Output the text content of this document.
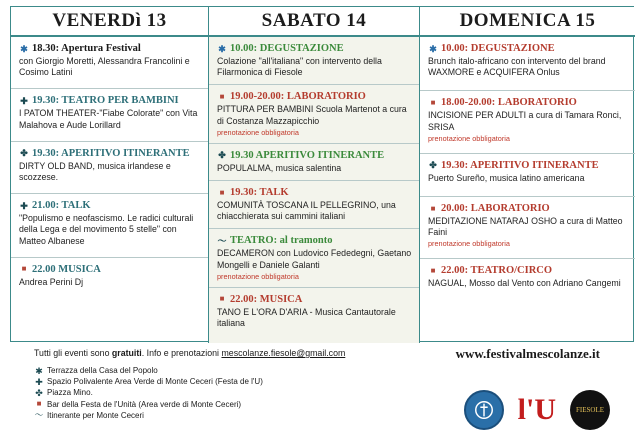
VENERDì 13	SABATO 14	DOMENICA 15
✱ 18.30: Apertura Festival
con Giorgio Moretti, Alessandra Francolini e Cosimo Latini
✚ 19.30: TEATRO PER BAMBINI
I PATOM THEATER-"Fiabe Colorate" con Vita Malahova e Aude Lorillard
✤ 19.30: APERITIVO ITINERANTE
DIRTY OLD BAND, musica irlandese e scozzese.
✚ 21.00: TALK
"Populismo e neofascismo. Le radici culturali della Lega e del movimento 5 stelle" con Matteo Albanese
■ 22.00 MUSICA
Andrea Perini Dj
✱ 10.00: DEGUSTAZIONE
Colazione "all'italiana" con intervento della Filarmonica di Fiesole
■ 19.00-20.00: LABORATORIO
PITTURA PER BAMBINI Scuola Martenot a cura di Costanza Mazzapicchio
prenotazione obbligatoria
✤ 19.30 APERITIVO ITINERANTE
POPULALMA, musica salentina
■ 19.30: TALK
COMUNITÀ TOSCANA IL PELLEGRINO, una chiacchierata sui cammini italiani
〜 TEATRO: al tramonto
DECAMERON con Ludovico Fededegni, Gaetano Mongelli e Daniele Galanti
prenotazione obbligatoria
■ 22.00: MUSICA
TANO E L'ORA D'ARIA - Musica Cantautorale italiana
✱ 10.00: DEGUSTAZIONE
Brunch italo-africano con intervento del brand WAXMORE e ACQUIFERA Onlus
■ 18.00-20.00: LABORATORIO
INCISIONE PER ADULTI a cura di Tamara Ronci, SRISA
prenotazione obbligatoria
✤ 19.30: APERITIVO ITINERANTE
Puerto Sureño, musica latino americana
■ 20.00: LABORATORIO
MEDITAZIONE NATARAJ OSHO a cura di Matteo Faini
prenotazione obbligatoria
■ 22.00: TEATRO/CIRCO
NAGUAL, Mosso dal Vento con Adriano Cangemi
Tutti gli eventi sono gratuiti. Info e prenotazioni mescolanze.fiesole@gmail.com	www.festivalmescolanze.it
✱ Terrazza della Casa del Popolo
✚ Spazio Polivalente Area Verde di Monte Ceceri (Festa de l'U)
✤ Piazza Mino.
■ Bar della Festa de l'Unità (Area verde di Monte Ceceri)
〜 Itinerante per Monte Ceceri	l'U	FIESOLE
